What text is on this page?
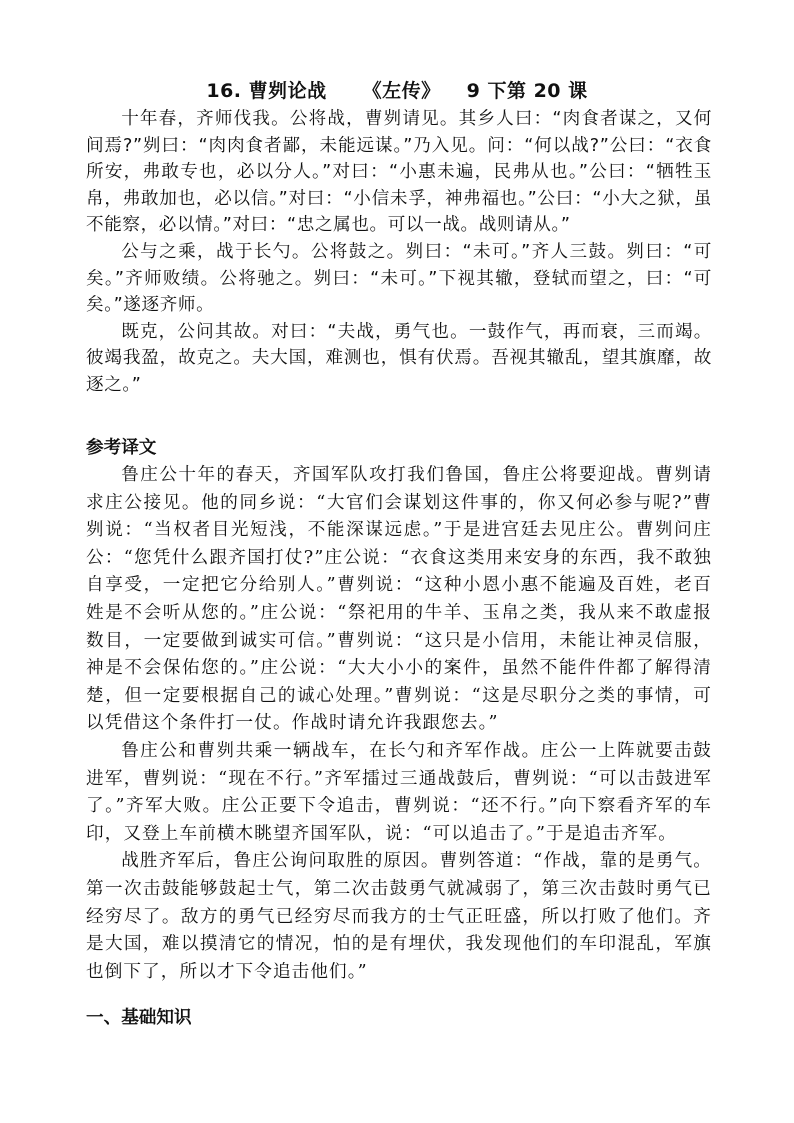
16. 曹刿论战 《左传》 9 下第 20 课

十年春，齐师伐我。公将战，曹刿请见。其乡人曰：“肉食者谋之，又何间焉?”刿曰：“肉肉食者鄙，未能远谋。”乃入见。问：“何以战?”公曰：“衣食所安，弗敢专也，必以分人。”对曰：“小惠未遍，民弗从也。”公曰：“牺牲玉帛，弗敢加也，必以信。”对曰：“小信未孚，神弗福也。”公曰：“小大之狱，虽不能察，必以情。”对曰：“忠之属也。可以一战。战则请从。”

公与之乘，战于长勺。公将鼓之。刿曰：“未可。”齐人三鼓。刿曰：“可矣。”齐师败绩。公将驰之。刿曰：“未可。”下视其辙，登轼而望之，曰：“可矣。”遂逐齐师。

既克，公问其故。对曰：“夫战，勇气也。一鼓作气，再而衰，三而竭。彼竭我盈，故克之。夫大国，难测也，惧有伏焉。吾视其辙乱，望其旗靡，故逐之。”

参考译文

鲁庄公十年的春天，齐国军队攻打我们鲁国，鲁庄公将要迎战。曹刿请求庄公接见。他的同乡说：“大官们会谋划这件事的，你又何必参与呢?”曹刿说：“当权者目光短浅，不能深谋远虑。”于是进宫廷去见庄公。曹刿问庄公：“您凭什么跟齐国打仗?”庄公说：“衣食这类用来安身的东西，我不敢独自享受，一定把它分给别人。”曹刿说：“这种小恩小惠不能遍及百姓，老百姓是不会听从您的。”庄公说：“祭祀用的牛羊、玉帛之类，我从来不敢虚报数目，一定要做到诚实可信。”曹刿说：“这只是小信用，未能让神灵信服，神是不会保佑您的。”庄公说：“大大小小的案件，虽然不能件件都了解得清楚，但一定要根据自己的诚心处理。”曹刿说：“这是尽职分之类的事情，可以凭借这个条件打一仗。作战时请允许我跟您去。”

鲁庄公和曹刿共乘一辆战车，在长勺和齐军作战。庄公一上阵就要击鼓进军，曹刿说：“现在不行。”齐军擂过三通战鼓后，曹刿说：“可以击鼓进军了。”齐军大败。庄公正要下令追击，曹刿说：“还不行。”向下察看齐军的车印，又登上车前横木眺望齐国军队，说：“可以追击了。”于是追击齐军。

战胜齐军后，鲁庄公询问取胜的原因。曹刿答道：“作战，靠的是勇气。第一次击鼓能够鼓起士气，第二次击鼓勇气就减弱了，第三次击鼓时勇气已经穷尽了。敌方的勇气已经穷尽而我方的士气正旺盛，所以打败了他们。齐是大国，难以摸清它的情况，怕的是有埋伏，我发现他们的车印混乱，军旗也倒下了，所以才下令追击他们。”

一、基础知识
